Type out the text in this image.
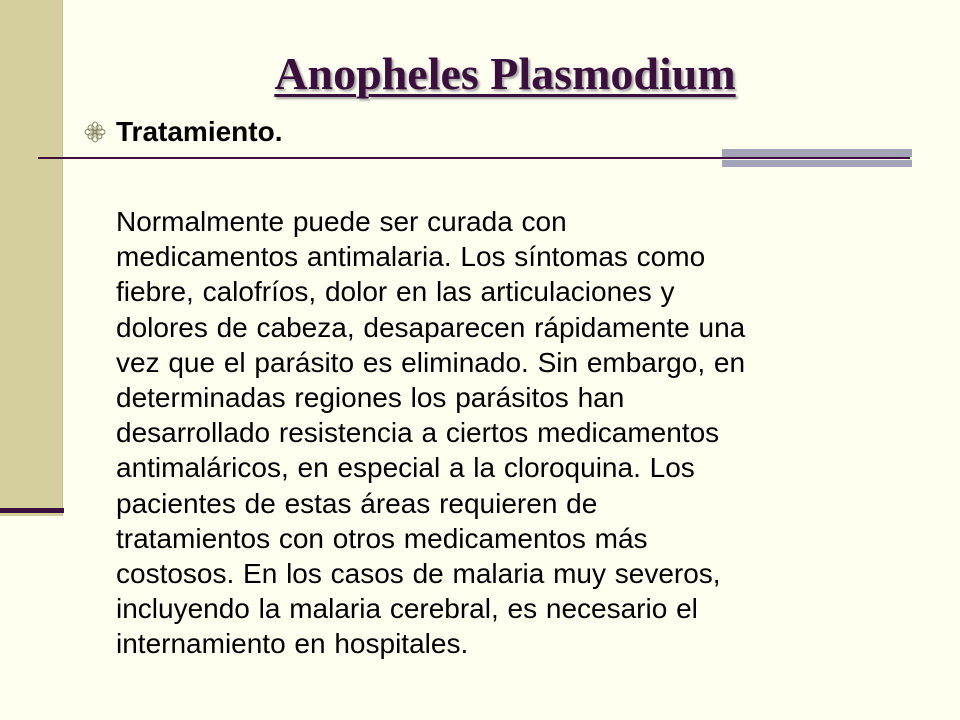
Anopheles Plasmodium
Tratamiento.

Normalmente puede ser curada con
medicamentos antimalaria. Los síntomas como
fiebre, calofríos, dolor en las articulaciones y
dolores de cabeza, desaparecen rápidamente una
vez que el parásito es eliminado. Sin embargo, en
determinadas regiones los parásitos han
desarrollado resistencia a ciertos medicamentos
antimaláricos, en especial a la cloroquina. Los
pacientes de estas áreas requieren de
tratamientos con otros medicamentos más
costosos. En los casos de malaria muy severos,
incluyendo la malaria cerebral, es necesario el
internamiento en hospitales.
